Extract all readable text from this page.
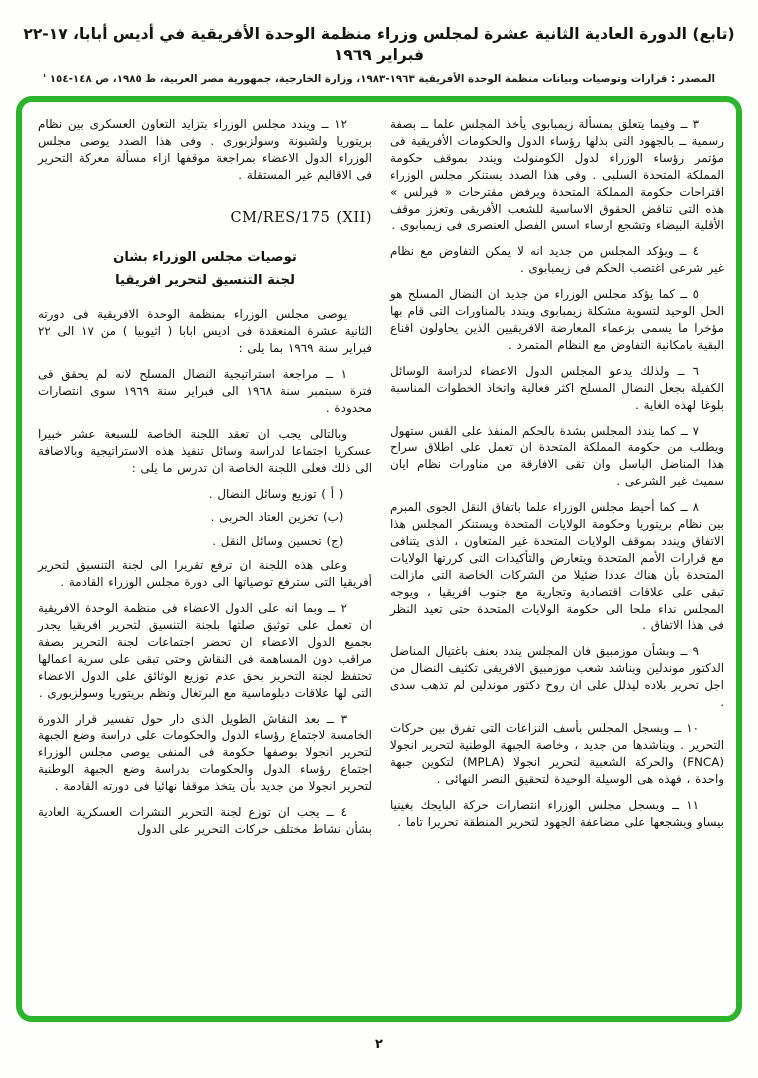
(تابع) الدورة العادية الثانية عشرة لمجلس وزراء منظمة الوحدة الأفريقية في أديس أبابا، ١٧-٢٢ فبراير ١٩٦٩
المصدر : قرارات وتوصيات وبيانات منظمة الوحدة الأفريقية ١٩٦٣-١٩٨٣، وزارة الخارجية، جمهورية مصر العربية، ط ١٩٨٥، ص ١٤٨-١٥٤ '

٣ ــ وفيما يتعلق بمسألة زيمبابوى يأخذ المجلس علما ــ بصفة رسمية ــ بالجهود التى بذلها رؤساء الدول والحكومات الأفريقية فى مؤتمر رؤساء الوزراء لدول الكومنولث ويندد بموقف حكومة المملكة المتحدة السلبى . وفى هذا الصدد يستنكر مجلس الوزراء اقتراحات حكومة المملكة المتحدة ويرفض مقترحات « فيرلس » هذه التى تناقض الحقوق الاساسية للشعب الأفريقى وتعزز موقف الأقلية البيضاء وتشجع ارساء اسس الفصل العنصرى فى زيمبابوى .

٤ ــ ويؤكد المجلس من جديد انه لا يمكن التفاوض مع نظام غير شرعى اغتصب الحكم فى زيمبابوى .

٥ ــ كما يؤكد مجلس الوزراء من جديد ان النضال المسلح هو الحل الوحيد لتسوية مشكلة زيمبابوى ويندد بالمناورات التى قام بها مؤخرا ما يسمى بزعماء المعارضة الافريقيين الذين يحاولون اقناع البقية بامكانية التفاوض مع النظام المتمرد .

٦ ــ ولذلك يدعو المجلس الدول الاعضاء لدراسة الوسائل الكفيلة بجعل النضال المسلح اكثر فعالية واتخاذ الخطوات المناسبة بلوغا لهذه الغاية .

٧ ــ كما يندد المجلس بشدة بالحكم المنفذ على القس ستهول ويطلب من حكومة المملكة المتحدة ان تعمل على اطلاق سراح هذا المناضل الباسل وان تقى الافارقة من مناورات نظام ايان سميث غير الشرعى .

٨ ــ كما أحيط مجلس الوزراء علما باتفاق النقل الجوى المبرم بين نظام بريتوريا وحكومة الولايات المتحدة ويستنكر المجلس هذا الاتفاق ويندد بموقف الولايات المتحدة غير المتعاون ، الذى يتنافى مع قرارات الأمم المتحدة ويتعارض والتأكيدات التى كررتها الولايات المتحدة بأن هناك عددا ضئيلا من الشركات الخاصة التى مازالت تبقى على علاقات اقتصادية وتجارية مع جنوب افريقيا ، ويوجه المجلس نداء ملحا الى حكومة الولايات المتحدة حتى تعيد النظر فى هذا الاتفاق .

٩ ــ وبشأن موزمبيق فان المجلس يندد بعنف باغتيال المناضل الدكتور موندلين ويناشد شعب موزمبيق الافريقى تكثيف النضال من اجل تحرير بلاده ليدلل على ان روح دكتور موندلين لم تذهب سدى .

١٠ ــ ويسجل المجلس بأسف النزاعات التى تفرق بين حركات التحرير . ويناشدها من جديد ، وخاصة الجبهة الوطنية لتحرير انجولا (FNCA) والحركة الشعبية لتحرير انجولا (MPLA) لتكوين جبهة واحدة ، فهذه هى الوسيلة الوحيدة لتحقيق النصر النهائى .

١١ ــ ويسجل مجلس الوزراء انتصارات حركة البايجك بغينيا بيساو ويشجعها على مضاعفة الجهود لتحرير المنطقة تحريرا تاما .

١٢ ــ ويندد مجلس الوزراء بتزايد التعاون العسكرى بين نظام بريتوريا ولشبونة وسولزبورى . وفى هذا الصدد يوصى مجلس الوزراء الدول الاعضاء بمراجعة موقفها ازاء مسألة معركة التحرير فى الاقاليم غير المستقلة .

CM/RES/175 (XII)

توصيات مجلس الوزراء بشان
لجنة التنسيق لتحرير افريقيا

يوصى مجلس الوزراء بمنظمة الوحدة الافريقية فى دورته الثانية عشرة المنعقدة فى اديس ابابا ( اثيوبيا ) من ١٧ الى ٢٢ فبراير سنة ١٩٦٩ بما يلى :

١ ــ مراجعة استراتيجية النضال المسلح لانه لم يحقق فى فترة سبتمبر سنة ١٩٦٨ الى فبراير سنة ١٩٦٩ سوى انتصارات محدودة .

وبالتالى يجب ان تعقد اللجنة الخاصة للسبعة عشر خبيرا عسكريا اجتماعا لدراسة وسائل تنفيذ هذه الاستراتيجية وبالاضافة الى ذلك فعلى اللجنة الخاصة ان تدرس ما يلى :

( أ ) توزيع وسائل النضال .

(ب) تخزين العتاد الحربى .

(ج) تحسين وسائل النقل .

وعلى هذه اللجنة ان ترفع تقريرا الى لجنة التنسيق لتحرير أفريقيا التى سترفع توصياتها الى دورة مجلس الوزراء القادمة .

٢ ــ وبما انه على الدول الاعضاء فى منظمة الوحدة الافريقية ان تعمل على توثيق صلتها بلجنة التنسيق لتحرير افريقيا يجدر بجميع الدول الاعضاء ان تحضر اجتماعات لجنة التحرير بصفة مراقب دون المساهمة فى النقاش وحتى تبقى على سرية اعمالها تحتفظ لجنة التحرير بحق عدم توزيع الوثائق على الدول الاعضاء التى لها علاقات دبلوماسية مع البرتغال ونظم بريتوريا وسولزبورى .

٣ ــ بعد النقاش الطويل الذى دار حول تفسير قرار الدورة الخامسة لاجتماع رؤساء الدول والحكومات على دراسة وضع الجبهة لتحرير انجولا بوصفها حكومة فى المنفى يوصى مجلس الوزراء اجتماع رؤساء الدول والحكومات بدراسة وضع الجبهة الوطنية لتحرير انجولا من جديد بأن يتخذ موقفا نهائيا فى دورته القادمة .

٤ ــ يجب ان توزع لجنة التحرير النشرات العسكرية العادية بشأن نشاط مختلف حركات التحرير على الدول

٢
